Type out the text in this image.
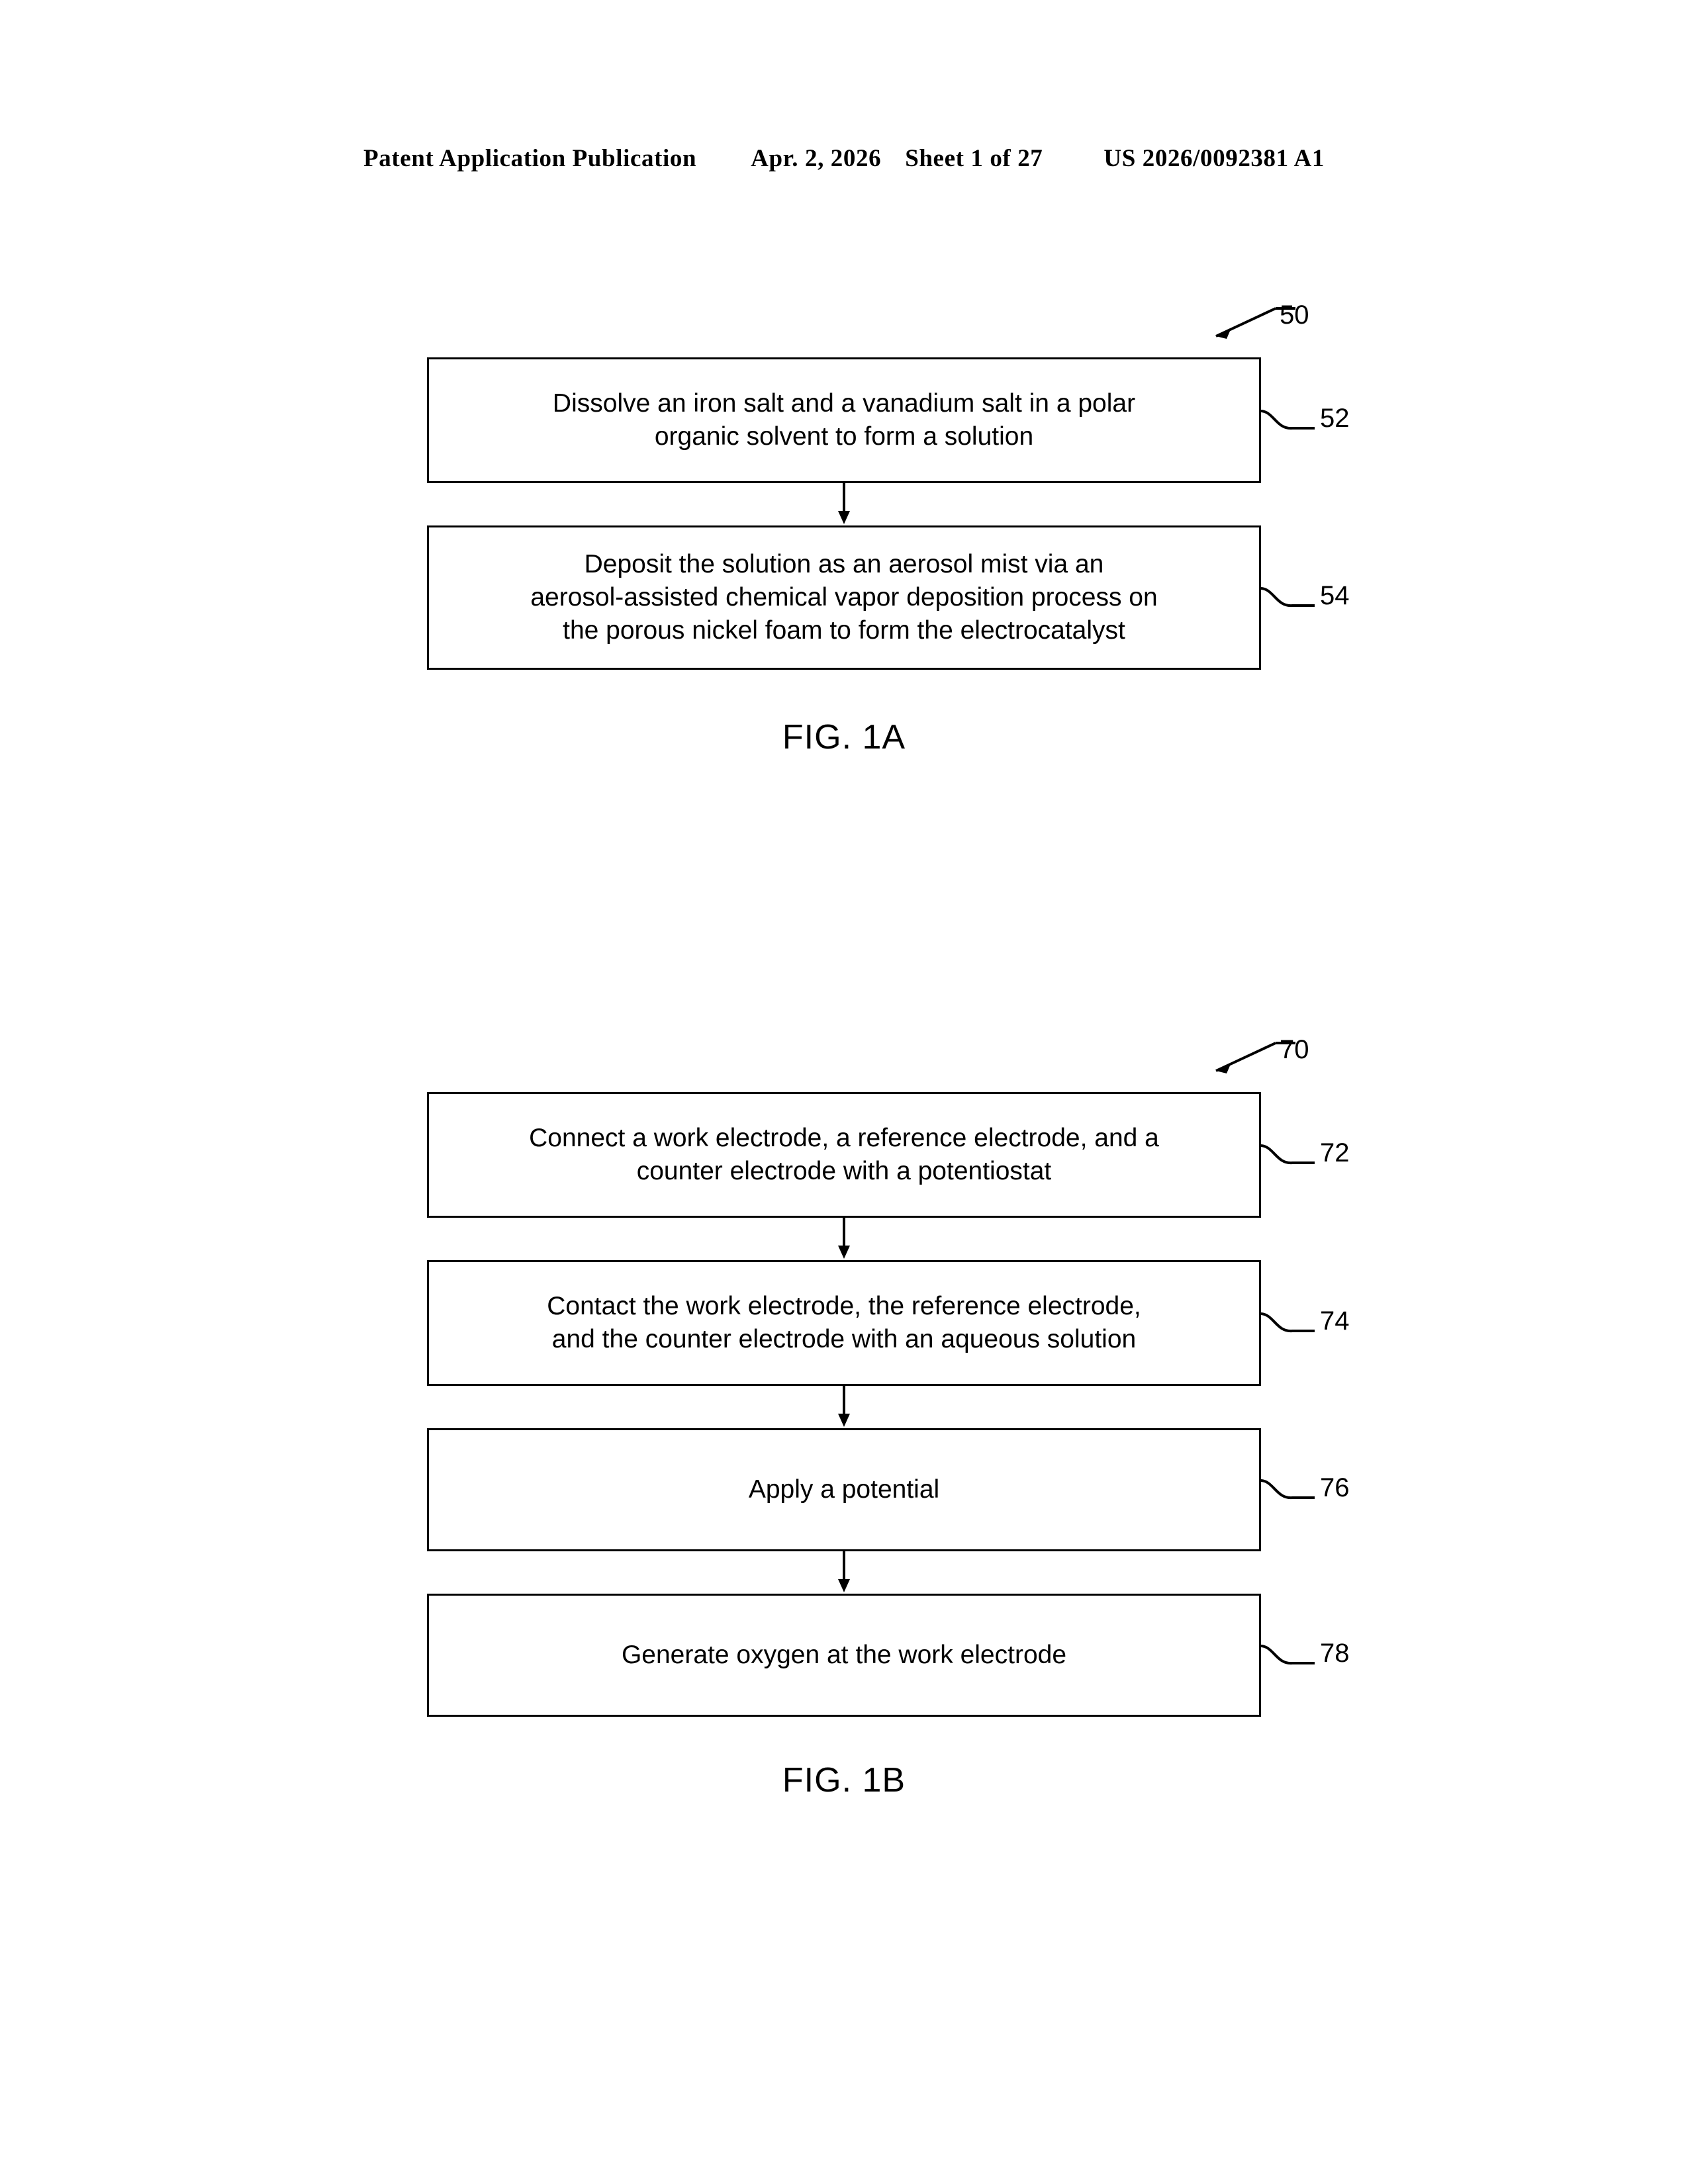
Patent Application Publication Apr. 2, 2026 Sheet 1 of 27 US 2026/0092381 A1
50
Dissolve an iron salt and a vanadium salt in a polar
organic solvent to form a solution
52
Deposit the solution as an aerosol mist via an
aerosol-assisted chemical vapor deposition process on
the porous nickel foam to form the electrocatalyst
54
FIG. 1A
70
Connect a work electrode, a reference electrode, and a
counter electrode with a potentiostat
72
Contact the work electrode, the reference electrode,
and the counter electrode with an aqueous solution
74
Apply a potential	76
Generate oxygen at the work electrode	78
FIG. 1B
